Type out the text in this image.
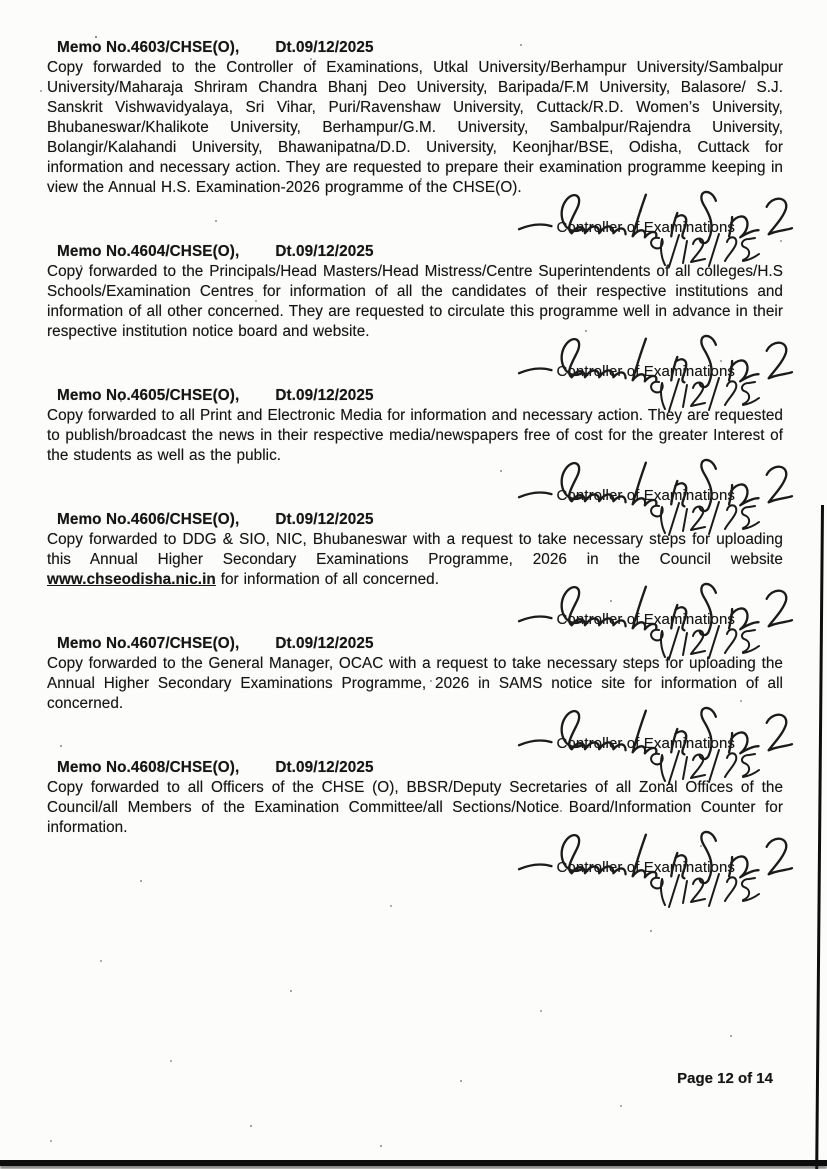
Memo No.4603/CHSE(O), Dt.09/12/2025

Copy forwarded to the Controller of Examinations, Utkal University/Berhampur University/Sambalpur University/Maharaja Shriram Chandra Bhanj Deo University, Baripada/F.M University, Balasore/ S.J. Sanskrit Vishwavidyalaya, Sri Vihar, Puri/Ravenshaw University, Cuttack/R.D. Women’s University, Bhubaneswar/Khalikote University, Berhampur/G.M. University, Sambalpur/Rajendra University, Bolangir/Kalahandi University, Bhawanipatna/D.D. University, Keonjhar/BSE, Odisha, Cuttack for information and necessary action. They are requested to prepare their examination programme keeping in view the Annual H.S. Examination-2026 programme of the CHSE(O).

Controller of Examinations
Memo No.4604/CHSE(O), Dt.09/12/2025

Copy forwarded to the Principals/Head Masters/Head Mistress/Centre Superintendents of all colleges/H.S Schools/Examination Centres for information of all the candidates of their respective institutions and information of all other concerned. They are requested to circulate this programme well in advance in their respective institution notice board and website.

Controller of Examinations
Memo No.4605/CHSE(O), Dt.09/12/2025

Copy forwarded to all Print and Electronic Media for information and necessary action. They are requested to publish/broadcast the news in their respective media/newspapers free of cost for the greater Interest of the students as well as the public.

Controller of Examinations
Memo No.4606/CHSE(O), Dt.09/12/2025

Copy forwarded to DDG & SIO, NIC, Bhubaneswar with a request to take necessary steps for uploading this Annual Higher Secondary Examinations Programme, 2026 in the Council website www.chseodisha.nic.in for information of all concerned.

Controller of Examinations
Memo No.4607/CHSE(O), Dt.09/12/2025

Copy forwarded to the General Manager, OCAC with a request to take necessary steps for uploading the Annual Higher Secondary Examinations Programme, 2026 in SAMS notice site for information of all concerned.

Controller of Examinations
Memo No.4608/CHSE(O), Dt.09/12/2025

Copy forwarded to all Officers of the CHSE (O), BBSR/Deputy Secretaries of all Zonal Offices of the Council/all Members of the Examination Committee/all Sections/Notice Board/Information Counter for information.

Controller of Examinations
Page 12 of 14
